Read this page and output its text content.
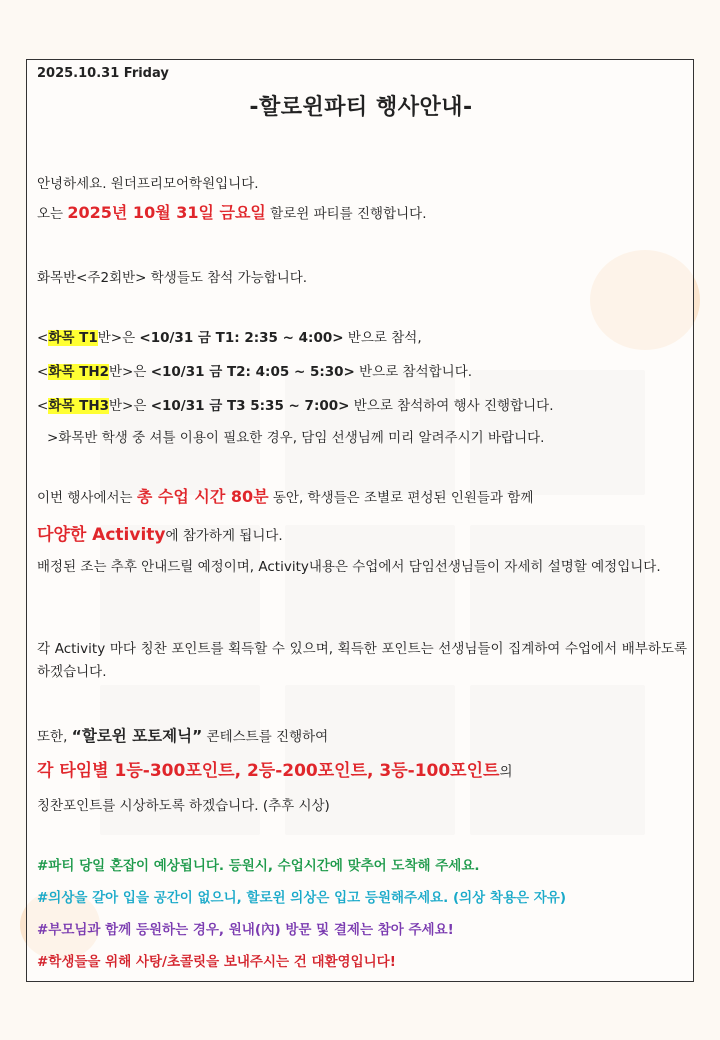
2025.10.31 Friday
-할로윈파티 행사안내-
안녕하세요. 원더프리모어학원입니다.
오는 2025년 10월 31일 금요일 할로윈 파티를 진행합니다.
화목반<주2회반> 학생들도 참석 가능합니다.
<화목 T1반>은 <10/31 금 T1: 2:35 ~ 4:00> 반으로 참석,
<화목 TH2반>은 <10/31 금 T2: 4:05 ~ 5:30> 반으로 참석합니다.
<화목 TH3반>은 <10/31 금 T3 5:35 ~ 7:00> 반으로 참석하여 행사 진행합니다.
>화목반 학생 중 셔틀 이용이 필요한 경우, 담임 선생님께 미리 알려주시기 바랍니다.
이번 행사에서는 총 수업 시간 80분 동안, 학생들은 조별로 편성된 인원들과 함께
다양한 Activity에 참가하게 됩니다.
배정된 조는 추후 안내드릴 예정이며, Activity내용은 수업에서 담임선생님들이 자세히 설명할 예정입니다.
각 Activity 마다 칭찬 포인트를 획득할 수 있으며, 획득한 포인트는 선생님들이 집계하여 수업에서 배부하도록 하겠습니다.
또한, “할로윈 포토제닉” 콘테스트를 진행하여
각 타임별 1등-300포인트, 2등-200포인트, 3등-100포인트의
칭찬포인트를 시상하도록 하겠습니다. (추후 시상)
#파티 당일 혼잡이 예상됩니다. 등원시, 수업시간에 맞추어 도착해 주세요.
#의상을 갈아 입을 공간이 없으니, 할로윈 의상은 입고 등원해주세요. (의상 착용은 자유)
#부모님과 함께 등원하는 경우, 원내(內) 방문 및 결제는 참아 주세요!
#학생들을 위해 사탕/초콜릿을 보내주시는 건 대환영입니다!
